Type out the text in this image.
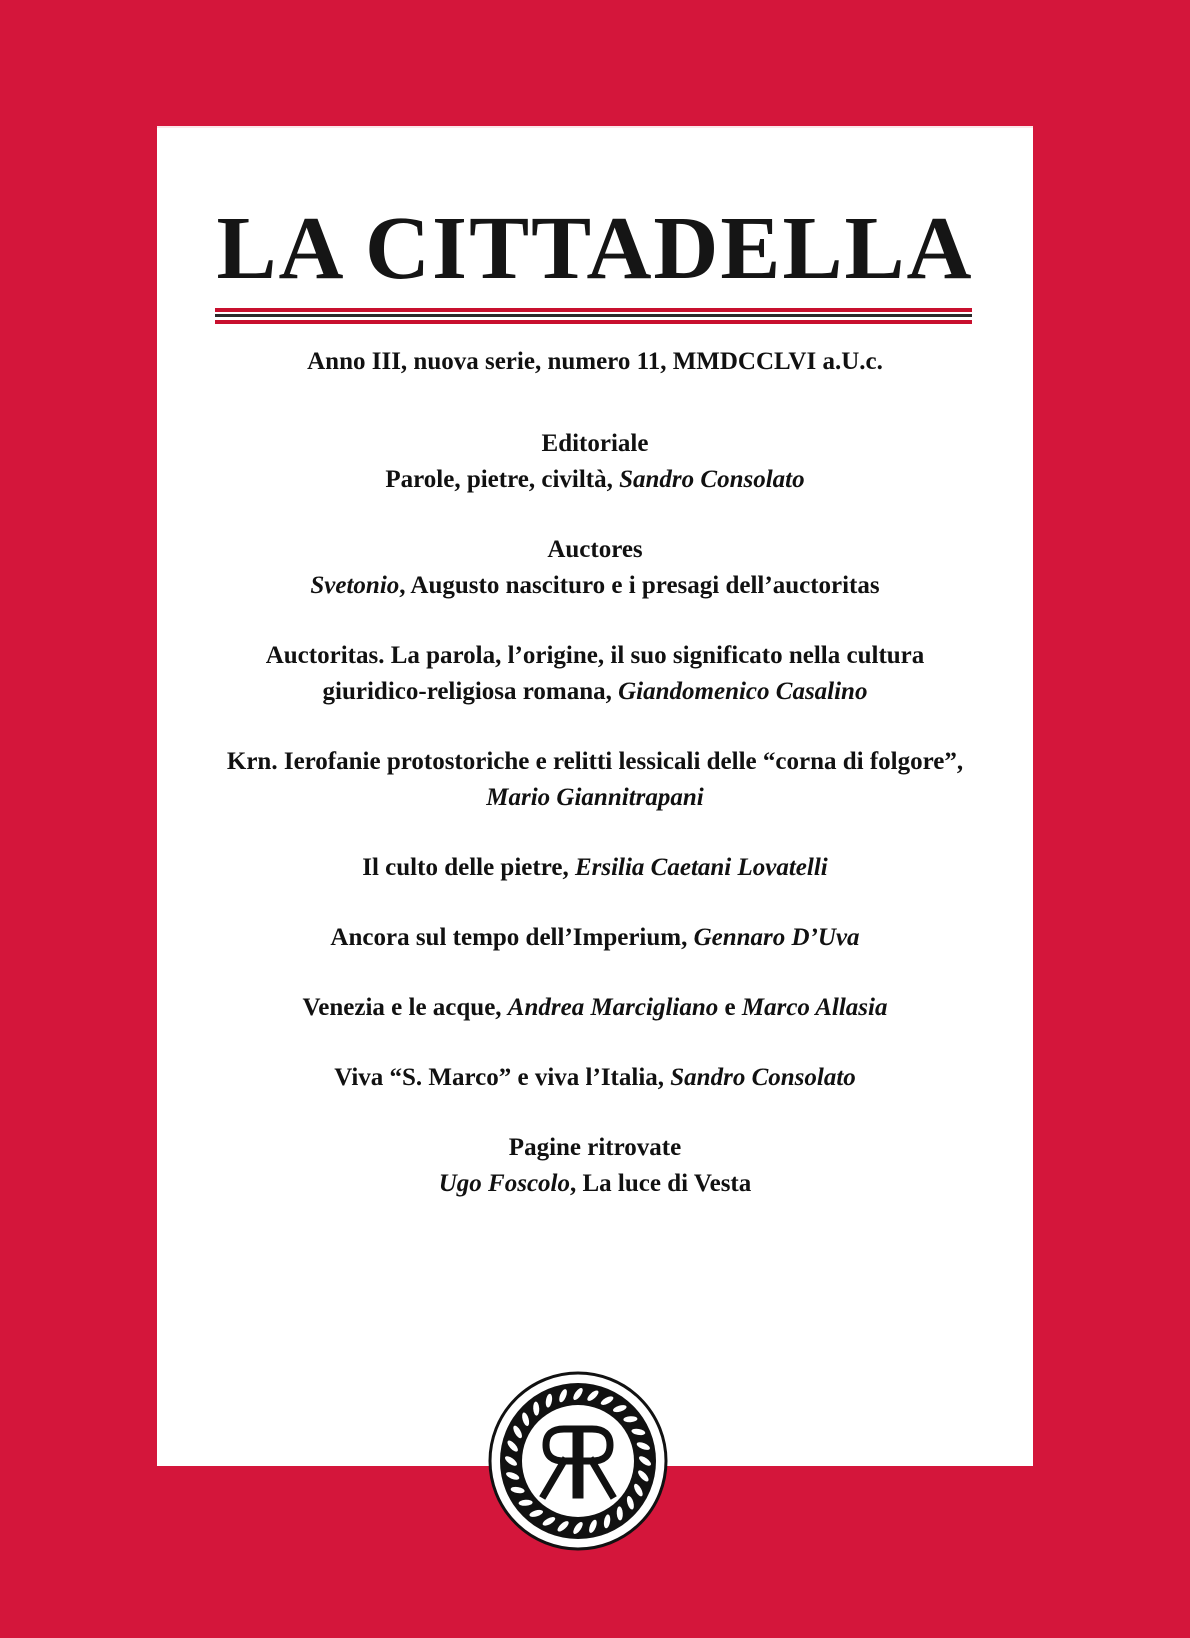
LA CITTADELLA
Anno III, nuova serie, numero 11, MMDCCLVI a.U.c.
Editoriale
Parole, pietre, civiltà, Sandro Consolato
Auctores
Svetonio, Augusto nascituro e i presagi dell’auctoritas
Auctoritas. La parola, l’origine, il suo significato nella cultura
giuridico-religiosa romana, Giandomenico Casalino
Krn. Ierofanie protostoriche e relitti lessicali delle “corna di folgore”,
Mario Giannitrapani
Il culto delle pietre, Ersilia Caetani Lovatelli
Ancora sul tempo dell’Imperium, Gennaro D’Uva
Venezia e le acque, Andrea Marcigliano e Marco Allasia
Viva “S. Marco” e viva l’Italia, Sandro Consolato
Pagine ritrovate
Ugo Foscolo, La luce di Vesta
